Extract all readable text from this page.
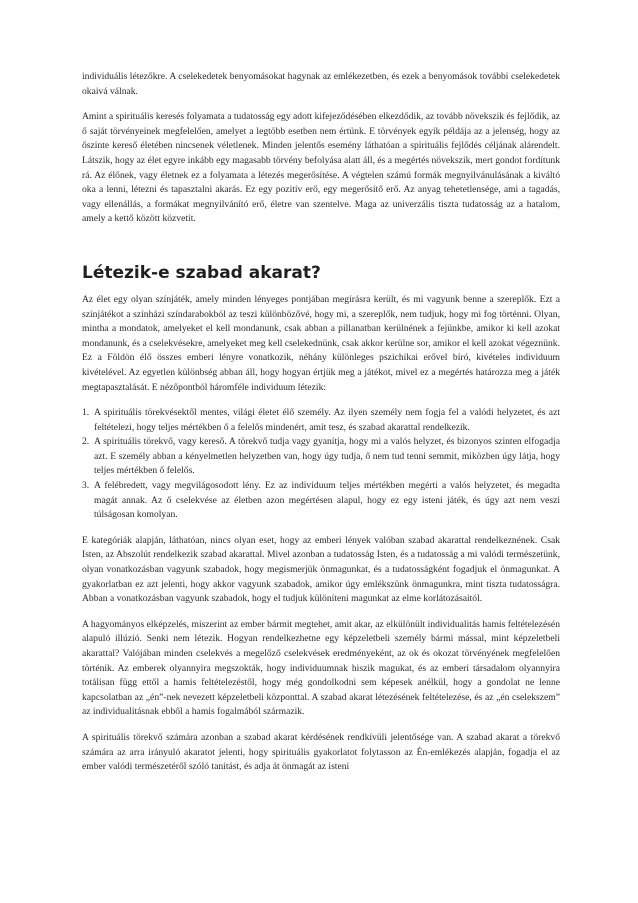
individuális létezőkre. A cselekedetek benyomásokat hagynak az emlékezetben, és ezek a benyomások további cselekedetek okaivá válnak.

Amint a spirituális keresés folyamata a tudatosság egy adott kifejeződésében elkezdődik, az tovább növekszik és fejlődik, az ő saját törvényeinek megfelelően, amelyet a legtöbb esetben nem értünk. E törvények egyik példája az a jelenség, hogy az őszinte kereső életében nincsenek véletlenek. Minden jelentős esemény láthatóan a spirituális fejlődés céljának alárendelt. Látszik, hogy az élet egyre inkább egy magasabb törvény befolyása alatt áll, és a megértés növekszik, mert gondot fordítunk rá. Az élőnek, vagy életnek ez a folyamata a létezés megerősítése. A végtelen számú formák megnyilvánulásának a kiváltó oka a lenni, létezni és tapasztalni akarás. Ez egy pozitív erő, egy megerősítő erő. Az anyag tehetetlensége, ami a tagadás, vagy ellenállás, a formákat megnyilvánító erő, életre van szentelve. Maga az univerzális tiszta tudatosság az a hatalom, amely a kettő között közvetít.

Létezik-e szabad akarat?

Az élet egy olyan színjáték, amely minden lényeges pontjában megírásra került, és mi vagyunk benne a szereplők. Ezt a színjátékot a színházi színdarabokból az teszi különbözővé, hogy mi, a szereplők, nem tudjuk, hogy mi fog történni. Olyan, mintha a mondatok, amelyeket el kell mondanunk, csak abban a pillanatban kerülnének a fejünkbe, amikor ki kell azokat mondanunk, és a cselekvésekre, amelyeket meg kell cselekednünk, csak akkor kerülne sor, amikor el kell azokat végeznünk. Ez a Földön élő összes emberi lényre vonatkozik, néhány különleges pszichikai erővel bíró, kivételes individuum kivételével. Az egyetlen különbség abban áll, hogy hogyan értjük meg a játékot, mivel ez a megértés határozza meg a játék megtapasztalását. E nézőpontból háromféle individuum létezik:

1. A spirituális törekvésektől mentes, világi életet élő személy. Az ilyen személy nem fogja fel a valódi helyzetet, és azt feltételezi, hogy teljes mértékben ő a felelős mindenért, amit tesz, és szabad akarattal rendelkezik.
2. A spirituális törekvő, vagy kereső. A törekvő tudja vagy gyanítja, hogy mi a valós helyzet, és bizonyos szinten elfogadja azt. E személy abban a kényelmetlen helyzetben van, hogy úgy tudja, ő nem tud tenni semmit, miközben úgy látja, hogy teljes mértékben ő felelős.
3. A felébredett, vagy megvilágosodott lény. Ez az individuum teljes mértékben megérti a valós helyzetet, és megadta magát annak. Az ő cselekvése az életben azon megértésen alapul, hogy ez egy isteni játék, és úgy azt nem veszi túlságosan komolyan.

E kategóriák alapján, láthatóan, nincs olyan eset, hogy az emberi lények valóban szabad akarattal rendelkeznének. Csak Isten, az Abszolút rendelkezik szabad akarattal. Mivel azonban a tudatosság Isten, és a tudatosság a mi valódi természetünk, olyan vonatkozásban vagyunk szabadok, hogy megismerjük önmagunkat, és a tudatosságként fogadjuk el önmagunkat. A gyakorlatban ez azt jelenti, hogy akkor vagyunk szabadok, amikor úgy emlékszünk önmagunkra, mint tiszta tudatosságra. Abban a vonatkozásban vagyunk szabadok, hogy el tudjuk különíteni magunkat az elme korlátozásaitól.

A hagyományos elképzelés, miszerint az ember bármit megtehet, amit akar, az elkülönült individualitás hamis feltételezésén alapuló illúzió. Senki nem létezik. Hogyan rendelkezhetne egy képzeletbeli személy bármi mással, mint képzeletbeli akarattal? Valójában minden cselekvés a megelőző cselekvések eredményeként, az ok és okozat törvényének megfelelően történik. Az emberek olyannyira megszokták, hogy individuumnak hiszik magukat, és az emberi társadalom olyannyira totálisan függ ettől a hamis feltételezéstől, hogy még gondolkodni sem képesek anélkül, hogy a gondolat ne lenne kapcsolatban az „én”-nek nevezett képzeletbeli központtal. A szabad akarat létezésének feltételezése, és az „én cselekszem” az individualitásnak ebből a hamis fogalmából származik.

A spirituális törekvő számára azonban a szabad akarat kérdésének rendkívüli jelentősége van. A szabad akarat a törekvő számára az arra irányuló akaratot jelenti, hogy spirituális gyakorlatot folytasson az Én-emlékezés alapján, fogadja el az ember valódi természetéről szóló tanítást, és adja át önmagát az isteni
